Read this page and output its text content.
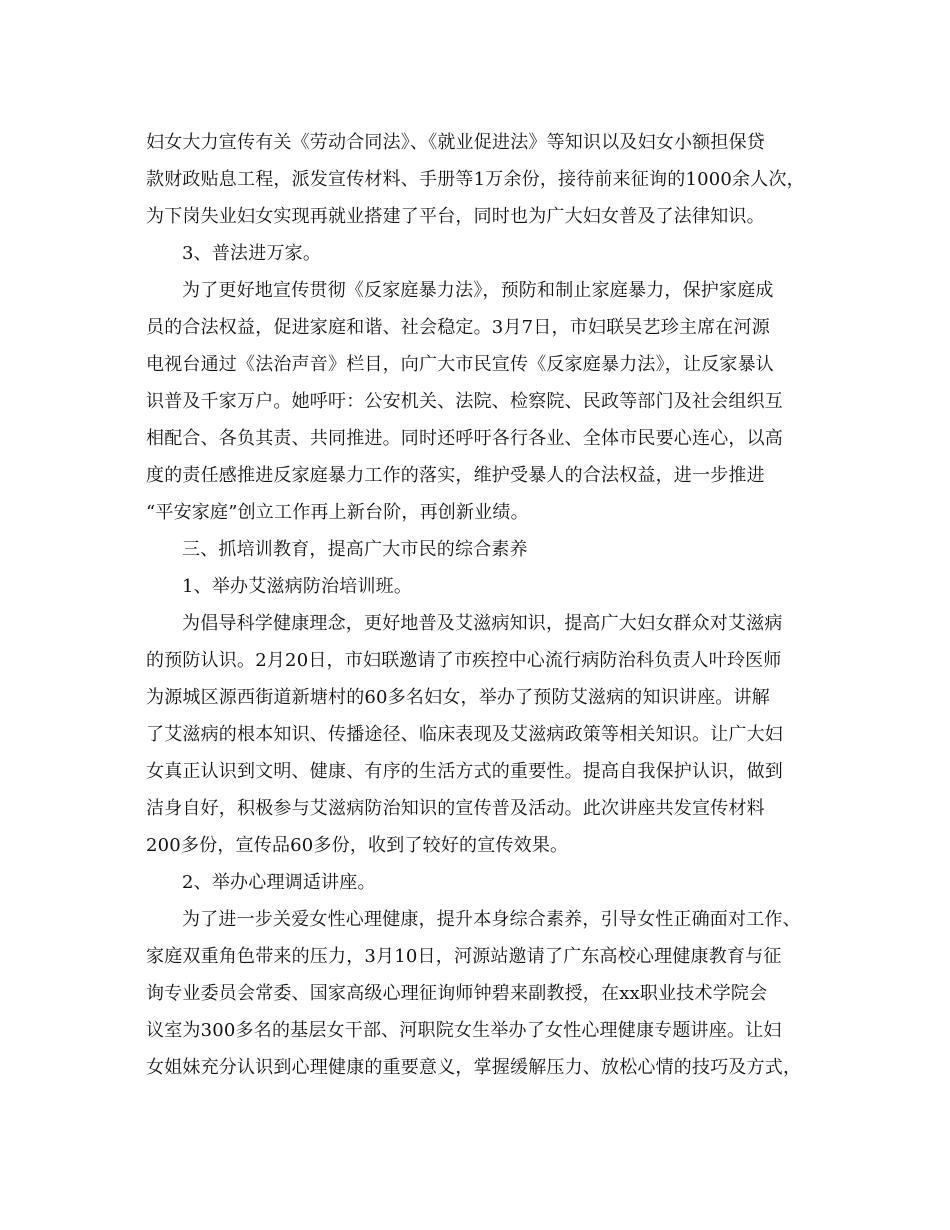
妇女大力宣传有关《劳动合同法》、《就业促进法》等知识以及妇女小额担保贷
款财政贴息工程，派发宣传材料、手册等1万余份，接待前来征询的1000余人次，
为下岗失业妇女实现再就业搭建了平台，同时也为广大妇女普及了法律知识。
3、普法进万家。
为了更好地宣传贯彻《反家庭暴力法》，预防和制止家庭暴力，保护家庭成
员的合法权益，促进家庭和谐、社会稳定。3月7日，市妇联吴艺珍主席在河源
电视台通过《法治声音》栏目，向广大市民宣传《反家庭暴力法》，让反家暴认
识普及千家万户。她呼吁：公安机关、法院、检察院、民政等部门及社会组织互
相配合、各负其责、共同推进。同时还呼吁各行各业、全体市民要心连心，以高
度的责任感推进反家庭暴力工作的落实，维护受暴人的合法权益，进一步推进
“平安家庭”创立工作再上新台阶，再创新业绩。
三、抓培训教育，提高广大市民的综合素养
1、举办艾滋病防治培训班。
为倡导科学健康理念，更好地普及艾滋病知识，提高广大妇女群众对艾滋病
的预防认识。2月20日，市妇联邀请了市疾控中心流行病防治科负责人叶玲医师
为源城区源西街道新塘村的60多名妇女，举办了预防艾滋病的知识讲座。讲解
了艾滋病的根本知识、传播途径、临床表现及艾滋病政策等相关知识。让广大妇
女真正认识到文明、健康、有序的生活方式的重要性。提高自我保护认识，做到
洁身自好，积极参与艾滋病防治知识的宣传普及活动。此次讲座共发宣传材料
200多份，宣传品60多份，收到了较好的宣传效果。
2、举办心理调适讲座。
为了进一步关爱女性心理健康，提升本身综合素养，引导女性正确面对工作、
家庭双重角色带来的压力，3月10日，河源站邀请了广东高校心理健康教育与征
询专业委员会常委、国家高级心理征询师钟碧来副教授，在xx职业技术学院会
议室为300多名的基层女干部、河职院女生举办了女性心理健康专题讲座。让妇
女姐妹充分认识到心理健康的重要意义，掌握缓解压力、放松心情的技巧及方式，
